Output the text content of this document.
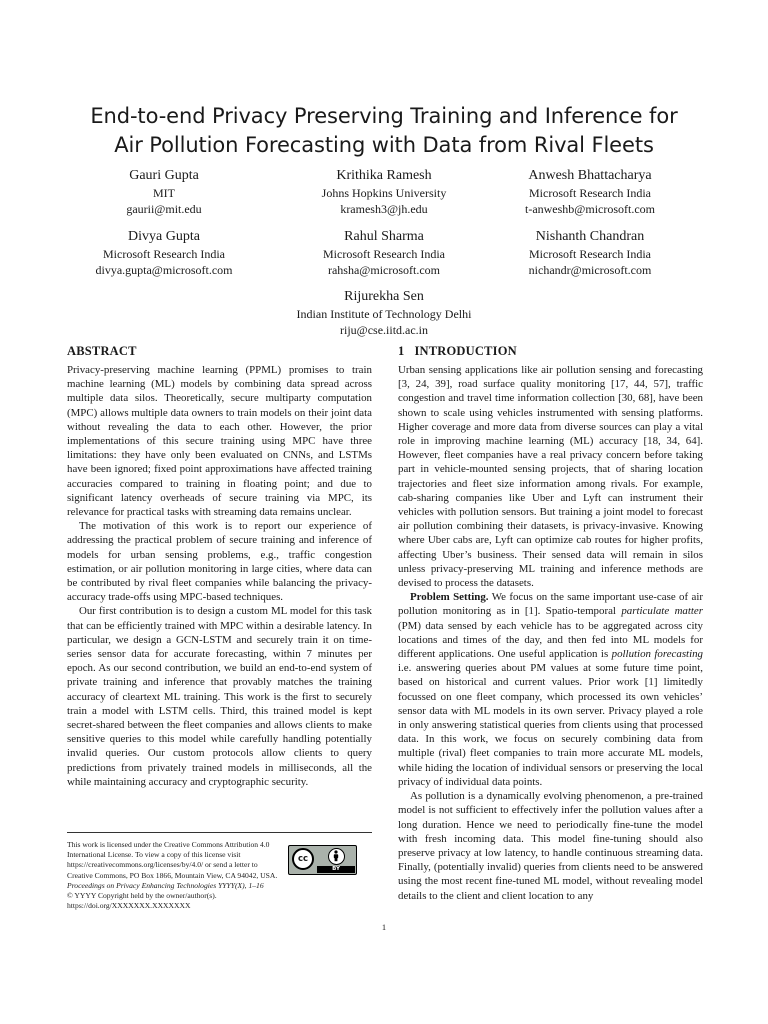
End-to-end Privacy Preserving Training and Inference for
Air Pollution Forecasting with Data from Rival Fleets
Gauri Gupta
MIT
gaurii@mit.edu
Krithika Ramesh
Johns Hopkins University
kramesh3@jh.edu
Anwesh Bhattacharya
Microsoft Research India
t-anweshb@microsoft.com
Divya Gupta
Microsoft Research India
divya.gupta@microsoft.com
Rahul Sharma
Microsoft Research India
rahsha@microsoft.com
Nishanth Chandran
Microsoft Research India
nichandr@microsoft.com
Rijurekha Sen
Indian Institute of Technology Delhi
riju@cse.iitd.ac.in
ABSTRACT

Privacy-preserving machine learning (PPML) promises to train machine learning (ML) models by combining data spread across multiple data silos. Theoretically, secure multiparty computation (MPC) allows multiple data owners to train models on their joint data without revealing the data to each other. However, the prior implementations of this secure training using MPC have three limitations: they have only been evaluated on CNNs, and LSTMs have been ignored; fixed point approximations have affected training accuracies compared to training in floating point; and due to significant latency overheads of secure training via MPC, its relevance for practical tasks with streaming data remains unclear.

The motivation of this work is to report our experience of addressing the practical problem of secure training and inference of models for urban sensing problems, e.g., traffic congestion estimation, or air pollution monitoring in large cities, where data can be contributed by rival fleet companies while balancing the privacy-accuracy trade-offs using MPC-based techniques.

Our first contribution is to design a custom ML model for this task that can be efficiently trained with MPC within a desirable latency. In particular, we design a GCN-LSTM and securely train it on time-series sensor data for accurate forecasting, within 7 minutes per epoch. As our second contribution, we build an end-to-end system of private training and inference that provably matches the training accuracy of cleartext ML training. This work is the first to securely train a model with LSTM cells. Third, this trained model is kept secret-shared between the fleet companies and allows clients to make sensitive queries to this model while carefully handling potentially invalid queries. Our custom protocols allow clients to query predictions from privately trained models in milliseconds, all the while maintaining accuracy and cryptographic security.

1 INTRODUCTION

Urban sensing applications like air pollution sensing and forecasting [3, 24, 39], road surface quality monitoring [17, 44, 57], traffic congestion and travel time information collection [30, 68], have been shown to scale using vehicles instrumented with sensing platforms. Higher coverage and more data from diverse sources can play a vital role in improving machine learning (ML) accuracy [18, 34, 64]. However, fleet companies have a real privacy concern before taking part in vehicle-mounted sensing projects, that of sharing location trajectories and fleet size information among rivals. For example, cab-sharing companies like Uber and Lyft can instrument their vehicles with pollution sensors. But training a joint model to forecast air pollution combining their datasets, is privacy-invasive. Knowing where Uber cabs are, Lyft can optimize cab routes for higher profits, affecting Uber’s business. Their sensed data will remain in silos unless privacy-preserving ML training and inference methods are devised to process the datasets.

Problem Setting. We focus on the same important use-case of air pollution monitoring as in [1]. Spatio-temporal particulate matter (PM) data sensed by each vehicle has to be aggregated across city locations and times of the day, and then fed into ML models for different applications. One useful application is pollution forecasting i.e. answering queries about PM values at some future time point, based on historical and current values. Prior work [1] limitedly focussed on one fleet company, which processed its own vehicles’ sensor data with ML models in its own server. Privacy played a role in only answering statistical queries from clients using that processed data. In this work, we focus on securely combining data from multiple (rival) fleet companies to train more accurate ML models, while hiding the location of individual sensors or preserving the local privacy of individual data points.

As pollution is a dynamically evolving phenomenon, a pre-trained model is not sufficient to effectively infer the pollution values after a long duration. Hence we need to periodically fine-tune the model with fresh incoming data. This model fine-tuning should also preserve privacy at low latency, to handle continuous streaming data. Finally, (potentially invalid) queries from clients need to be answered using the most recent fine-tuned ML model, without revealing model details to the client and client location to any

This work is licensed under the Creative Commons Attribution 4.0 International License. To view a copy of this license visit https://creativecommons.org/licenses/by/4.0/ or send a letter to Creative Commons, PO Box 1866, Mountain View, CA 94042, USA.
Proceedings on Privacy Enhancing Technologies YYYY(X), 1–16
© YYYY Copyright held by the owner/author(s).
https://doi.org/XXXXXXX.XXXXXXX
cc
BY
1
